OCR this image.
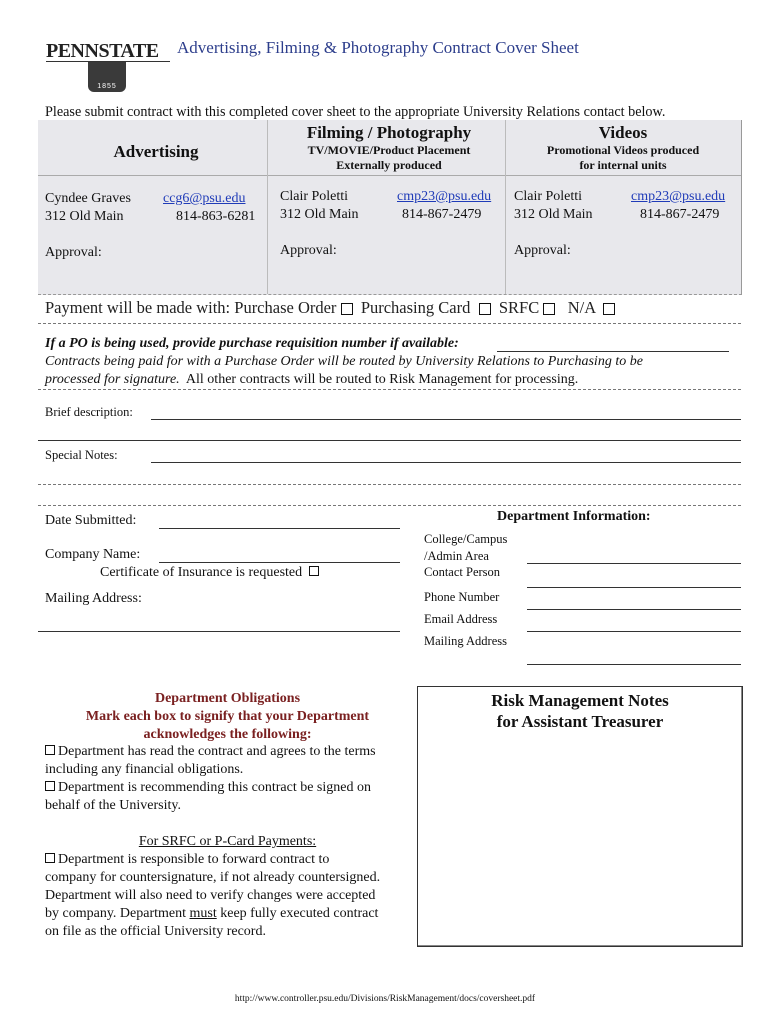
PENNSTATE
1855
Advertising, Filming & Photography Contract Cover Sheet
Please submit contract with this completed cover sheet to the appropriate University Relations contact below.
Advertising
Cyndee Graves
312 Old Main
ccg6@psu.edu
814-863-6281
Approval:
Filming / Photography
TV/MOVIE/Product Placement
Externally produced
Clair Poletti
312 Old Main
cmp23@psu.edu
814-867-2479
Approval:
Videos
Promotional Videos produced
for internal units
Clair Poletti
312 Old Main
cmp23@psu.edu
814-867-2479
Approval:
Payment will be made with: Purchase Order Purchasing Card SRFC N/A
If a PO is being used, provide purchase requisition number if available:
Contracts being paid for with a Purchase Order will be routed by University Relations to Purchasing to be
processed for signature. All other contracts will be routed to Risk Management for processing.
Brief description:
Special Notes:
Date Submitted:
Company Name:
Certificate of Insurance is requested
Mailing Address:
Department Information:
College/Campus
/Admin Area
Contact Person
Phone Number
Email Address
Mailing Address
Department Obligations
Mark each box to signify that your Department
acknowledges the following:
Department has read the contract and agrees to the terms
including any financial obligations.
Department is recommending this contract be signed on
behalf of the University.
For SRFC or P-Card Payments:
Department is responsible to forward contract to
company for countersignature, if not already countersigned.
Department will also need to verify changes were accepted
by company. Department must keep fully executed contract
on file as the official University record.
Risk Management Notes
for Assistant Treasurer
http://www.controller.psu.edu/Divisions/RiskManagement/docs/coversheet.pdf
